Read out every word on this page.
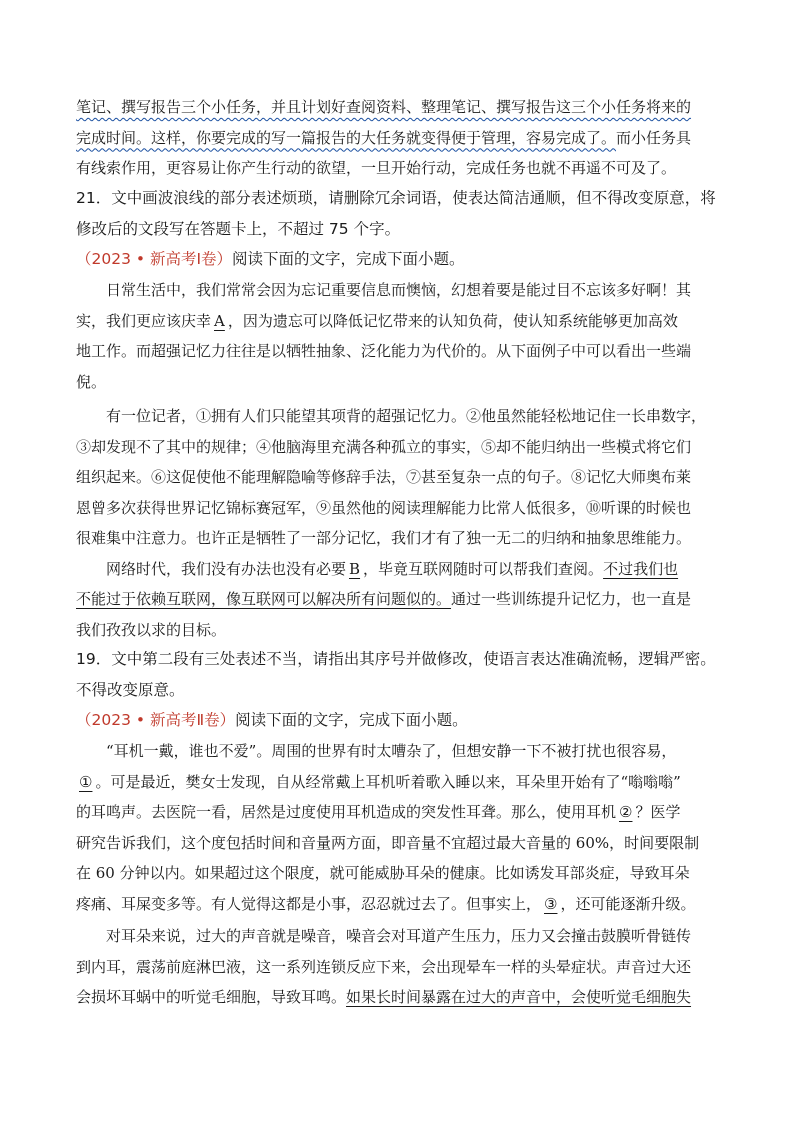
笔记、撰写报告三个小任务，并且计划好查阅资料、整理笔记、撰写报告这三个小任务将来的
完成时间。这样，你要完成的写一篇报告的大任务就变得便于管理，容易完成了。而小任务具
有线索作用，更容易让你产生行动的欲望，一旦开始行动，完成任务也就不再遥不可及了。
21．文中画波浪线的部分表述烦琐，请删除冗余词语，使表达简洁通顺，但不得改变原意，将
修改后的文段写在答题卡上，不超过 75 个字。
（2023 • 新高考Ⅰ卷）阅读下面的文字，完成下面小题。
日常生活中，我们常常会因为忘记重要信息而懊恼，幻想着要是能过目不忘该多好啊！其
实，我们更应该庆幸 A ，因为遗忘可以降低记忆带来的认知负荷，使认知系统能够更加高效
地工作。而超强记忆力往往是以牺牲抽象、泛化能力为代价的。从下面例子中可以看出一些端
倪。
有一位记者，①拥有人们只能望其项背的超强记忆力。②他虽然能轻松地记住一长串数字，
③却发现不了其中的规律；④他脑海里充满各种孤立的事实，⑤却不能归纳出一些模式将它们
组织起来。⑥这促使他不能理解隐喻等修辞手法，⑦甚至复杂一点的句子。⑧记忆大师奥布莱
恩曾多次获得世界记忆锦标赛冠军，⑨虽然他的阅读理解能力比常人低很多，⑩听课的时候也
很难集中注意力。也许正是牺牲了一部分记忆，我们才有了独一无二的归纳和抽象思维能力。
网络时代，我们没有办法也没有必要 B ，毕竟互联网随时可以帮我们查阅。不过我们也
不能过于依赖互联网，像互联网可以解决所有问题似的。通过一些训练提升记忆力，也一直是
我们孜孜以求的目标。
19．文中第二段有三处表述不当，请指出其序号并做修改，使语言表达准确流畅，逻辑严密。
不得改变原意。
（2023 • 新高考Ⅱ卷）阅读下面的文字，完成下面小题。
“耳机一戴，谁也不爱”。周围的世界有时太嘈杂了，但想安静一下不被打扰也很容易，
① 。可是最近，樊女士发现，自从经常戴上耳机听着歌入睡以来，耳朵里开始有了“嗡嗡嗡”
的耳鸣声。去医院一看，居然是过度使用耳机造成的突发性耳聋。那么，使用耳机 ② ？医学
研究告诉我们，这个度包括时间和音量两方面，即音量不宜超过最大音量的 60%，时间要限制
在 60 分钟以内。如果超过这个限度，就可能威胁耳朵的健康。比如诱发耳部炎症，导致耳朵
疼痛、耳屎变多等。有人觉得这都是小事，忍忍就过去了。但事实上， ③ ，还可能逐渐升级。
对耳朵来说，过大的声音就是噪音，噪音会对耳道产生压力，压力又会撞击鼓膜听骨链传
到内耳，震荡前庭淋巴液，这一系列连锁反应下来，会出现晕车一样的头晕症状。声音过大还
会损坏耳蜗中的听觉毛细胞，导致耳鸣。如果长时间暴露在过大的声音中，会使听觉毛细胞失
